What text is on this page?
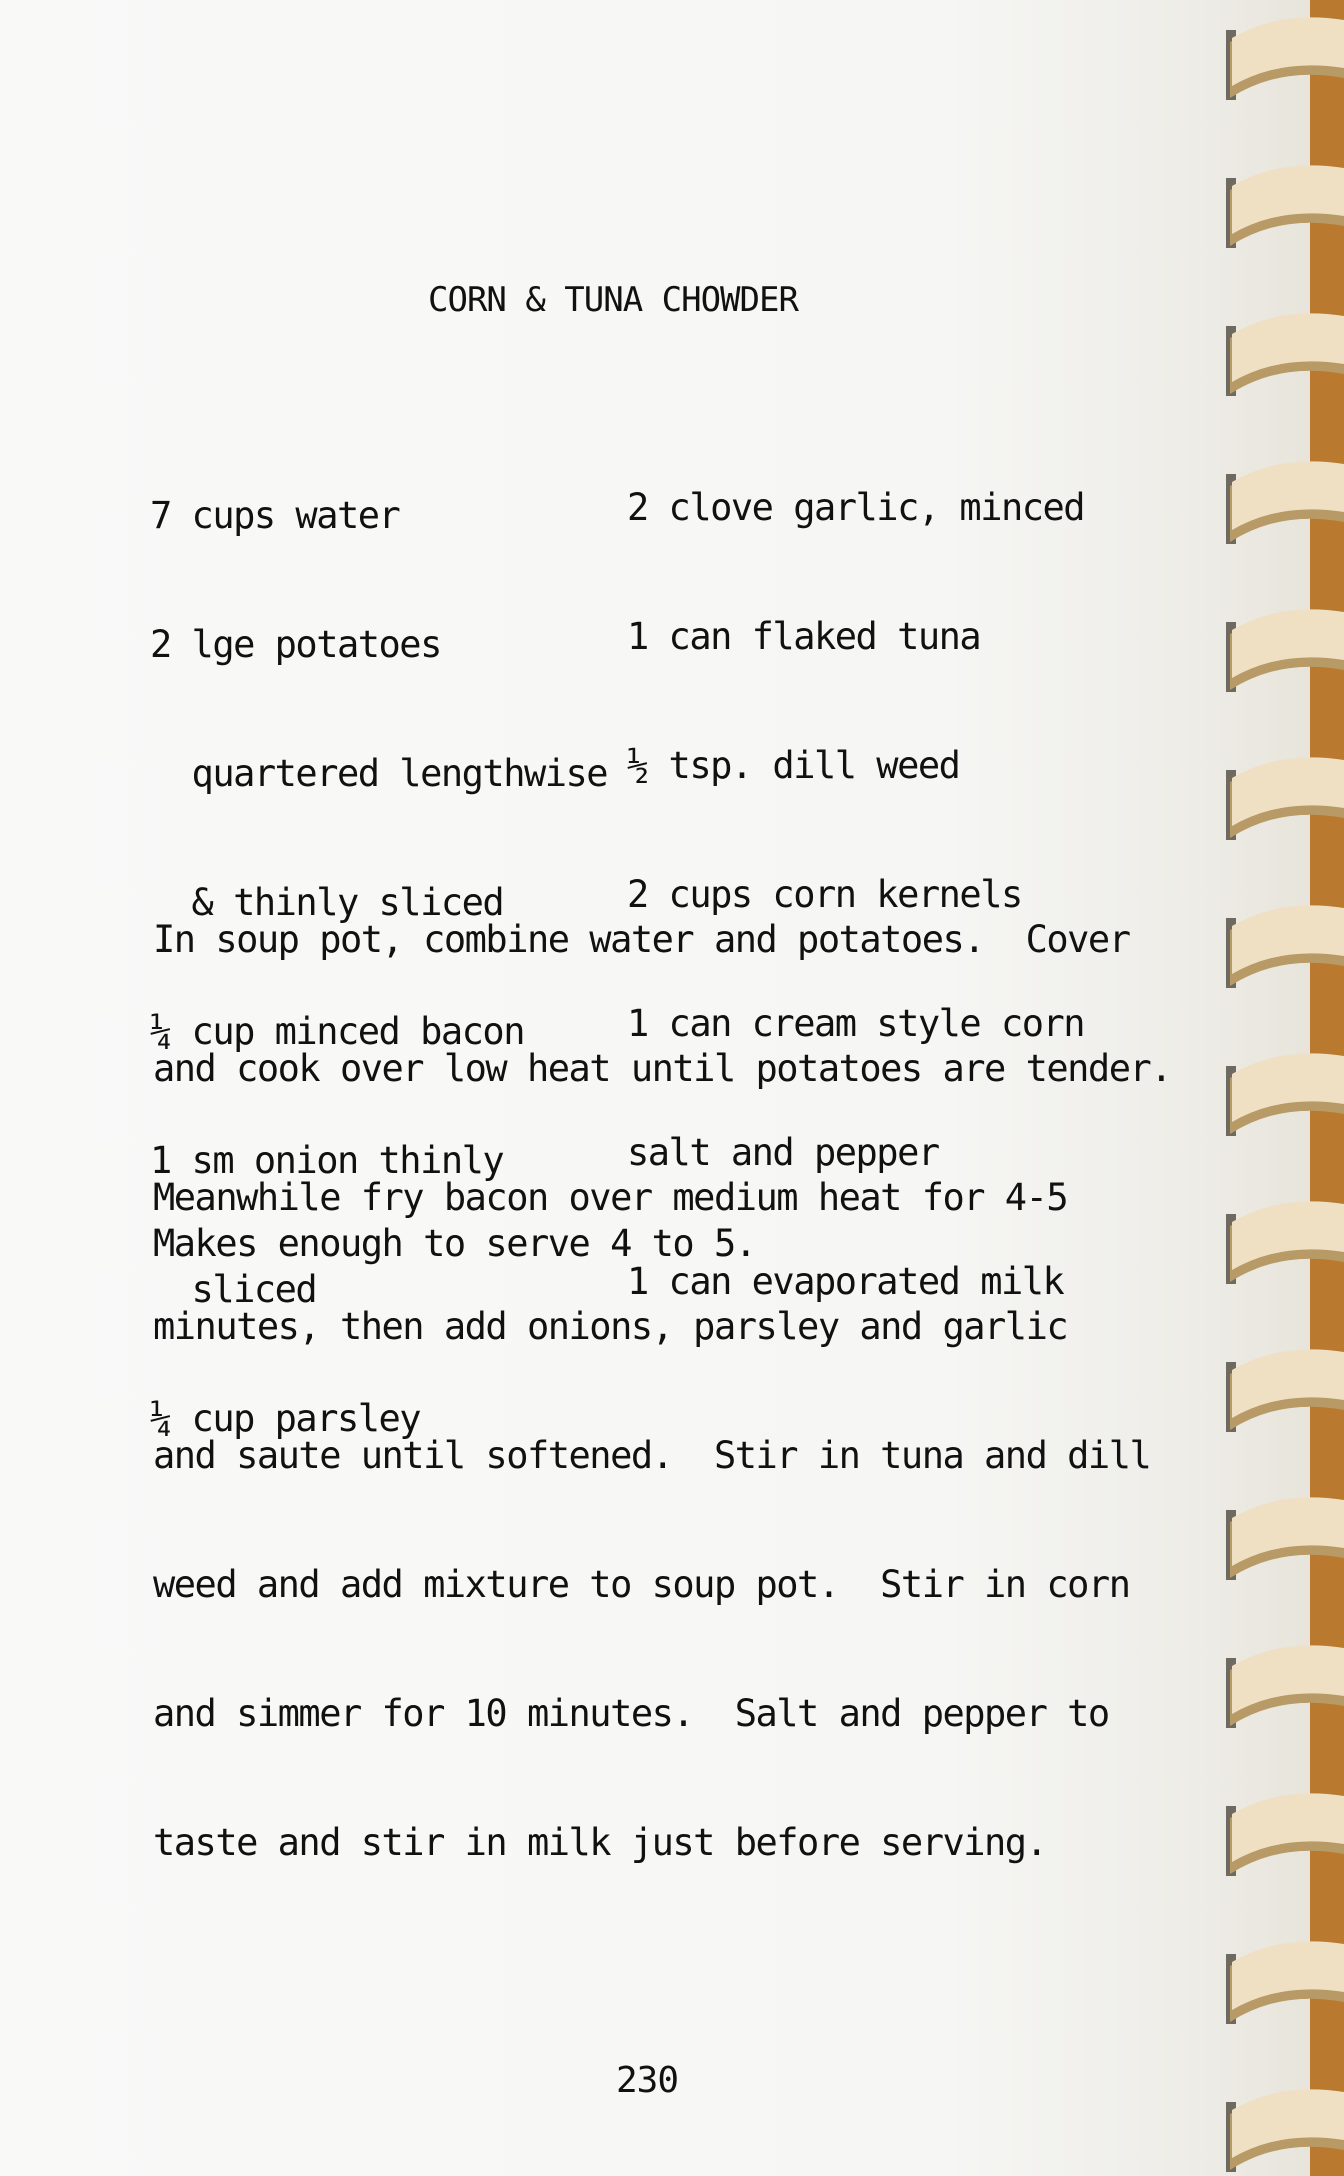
CORN & TUNA CHOWDER

7 cups water

2 lge potatoes

quartered lengthwise

& thinly sliced

¼ cup minced bacon

1 sm onion thinly

sliced

¼ cup parsley

2 clove garlic, minced

1 can flaked tuna

½ tsp. dill weed

2 cups corn kernels

1 can cream style corn

salt and pepper

1 can evaporated milk

In soup pot, combine water and potatoes.  Cover

and cook over low heat until potatoes are tender.

Meanwhile fry bacon over medium heat for 4-5

minutes, then add onions, parsley and garlic

and saute until softened.  Stir in tuna and dill

weed and add mixture to soup pot.  Stir in corn

and simmer for 10 minutes.  Salt and pepper to

taste and stir in milk just before serving.

Makes enough to serve 4 to 5.
230
